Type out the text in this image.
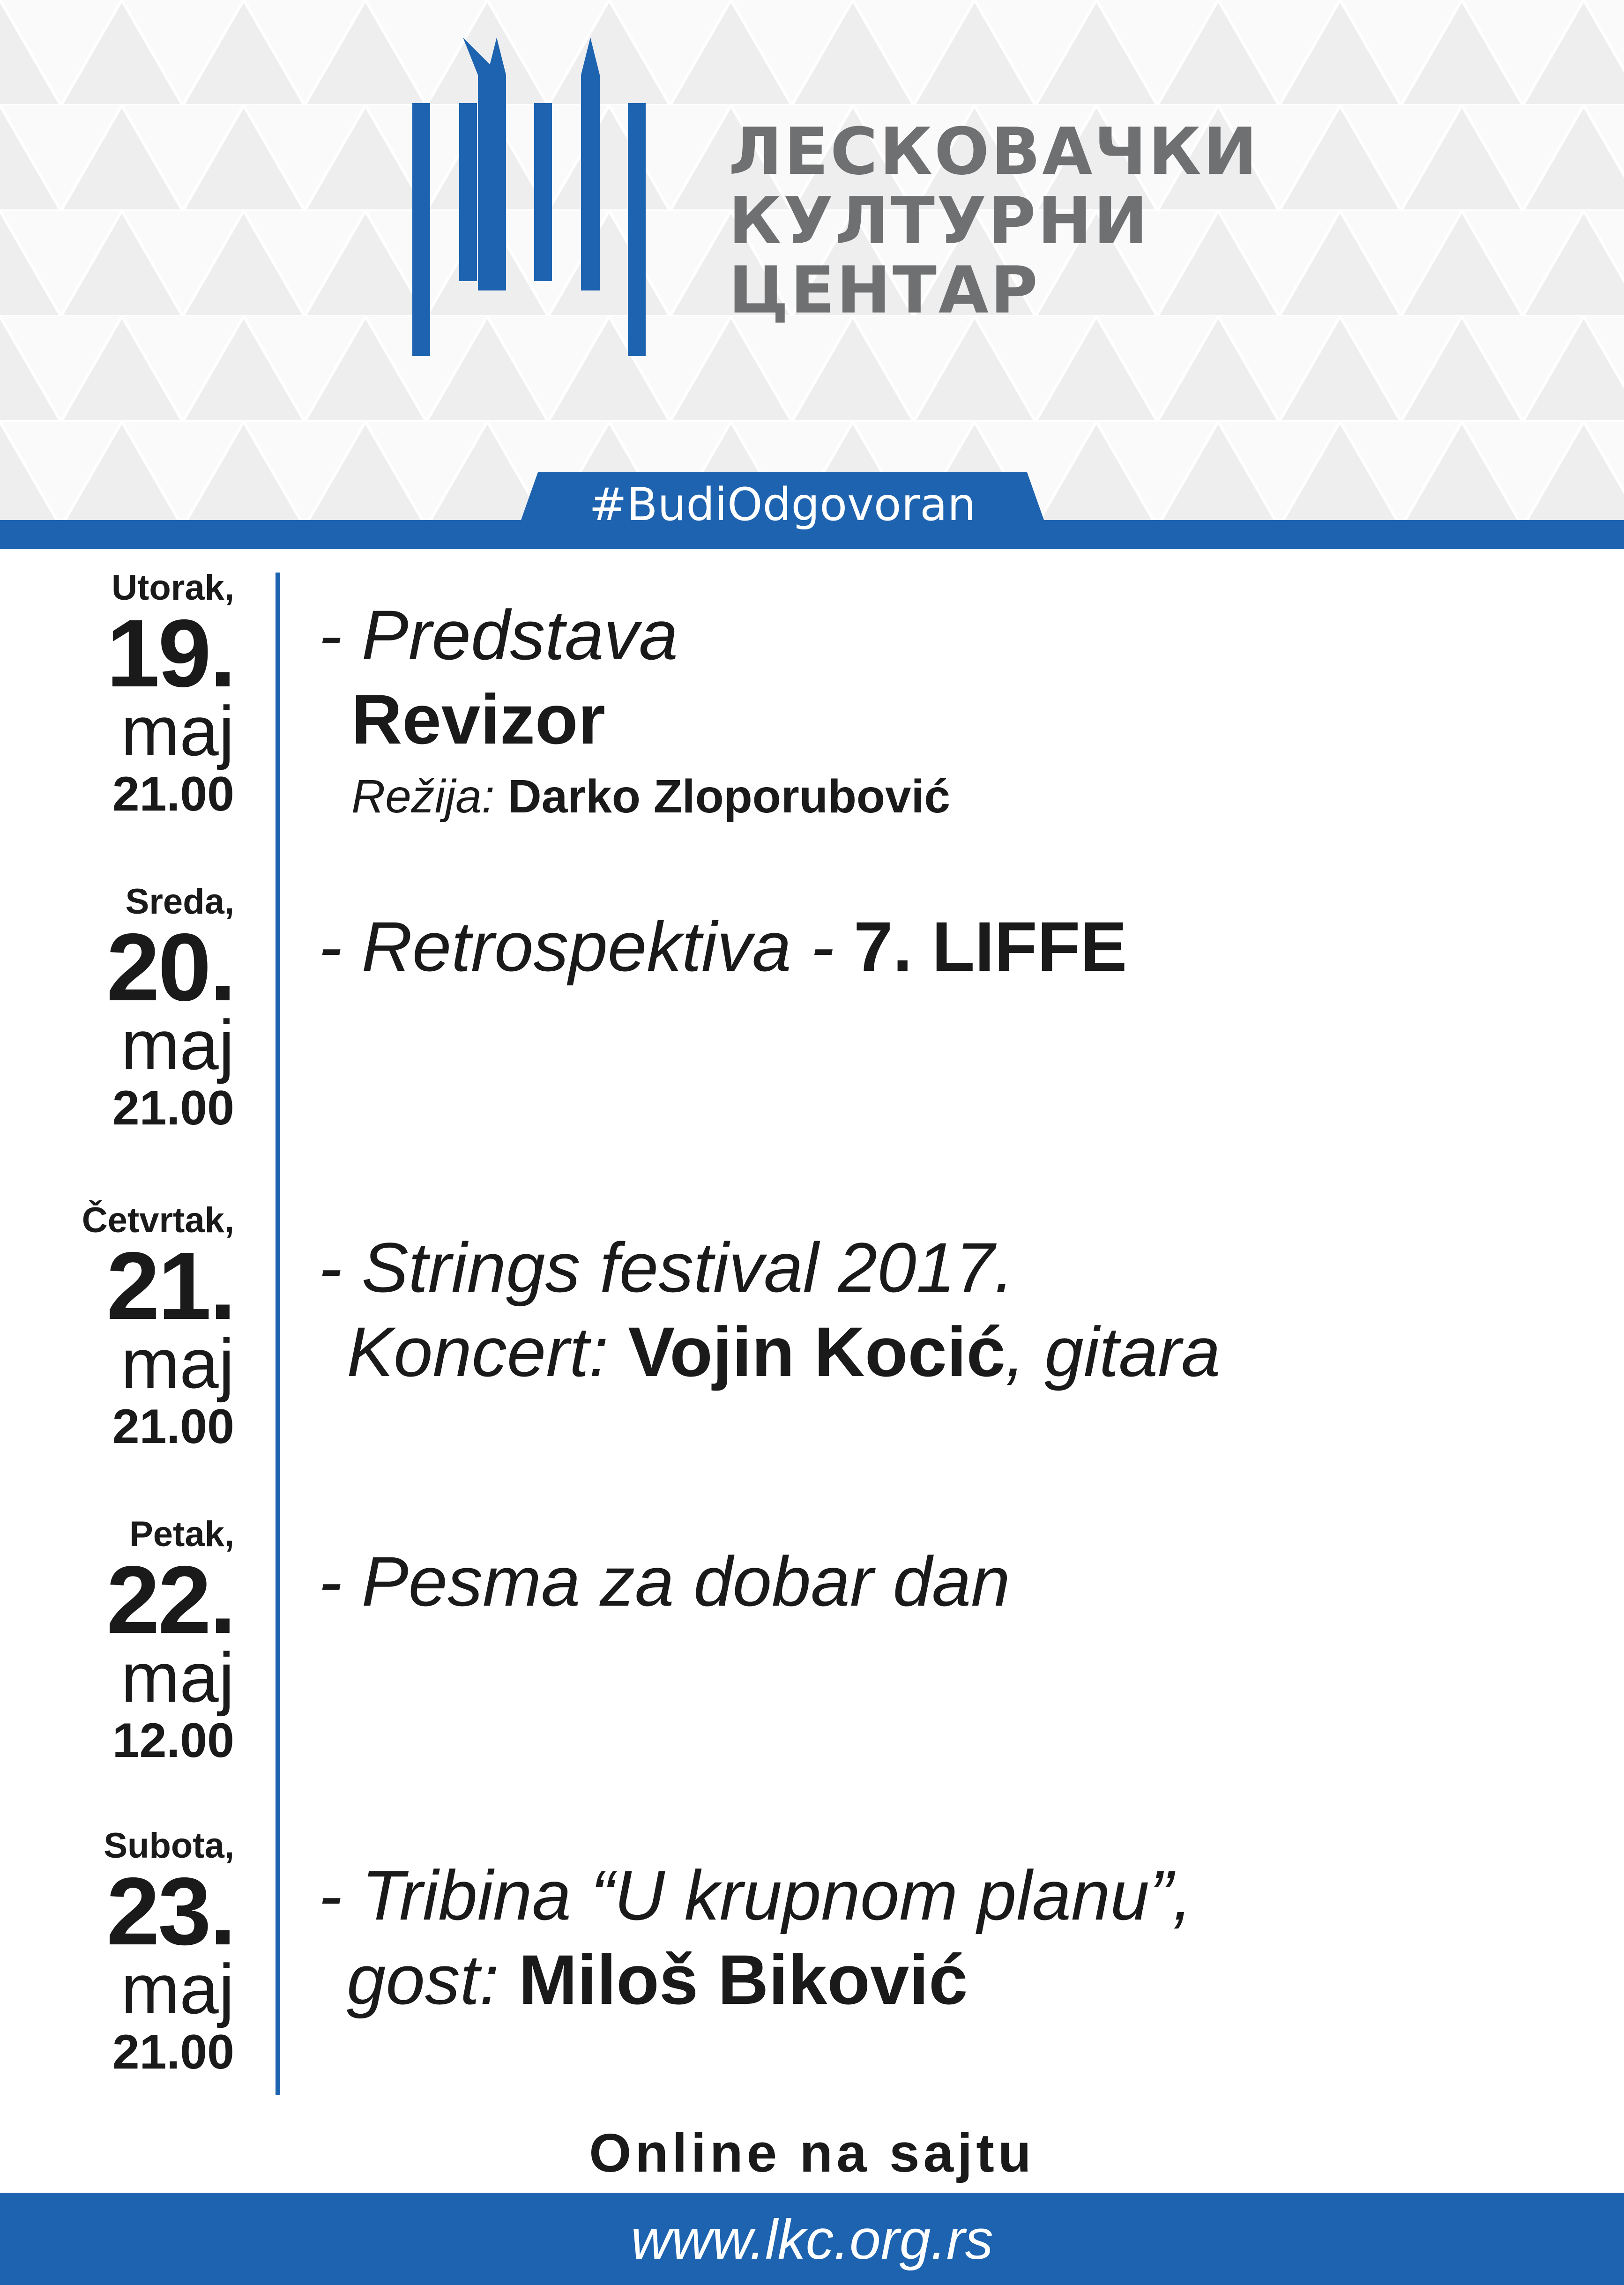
ЛЕСКОВАЧКИ
КУЛТУРНИ
ЦЕНТАР
#BudiOdgovoran
Utorak,
19.
maj
21.00
- Predstava
Revizor
Režija: Darko Zloporubović
Sreda,
20.
maj
21.00
- Retrospektiva - 7. LIFFE
Četvrtak,
21.
maj
21.00
- Strings festival 2017.
Koncert: Vojin Kocić, gitara
Petak,
22.
maj
12.00
- Pesma za dobar dan
Subota,
23.
maj
21.00
- Tribina “U krupnom planu”,
gost: Miloš Biković
Online na sajtu
www.lkc.org.rs
